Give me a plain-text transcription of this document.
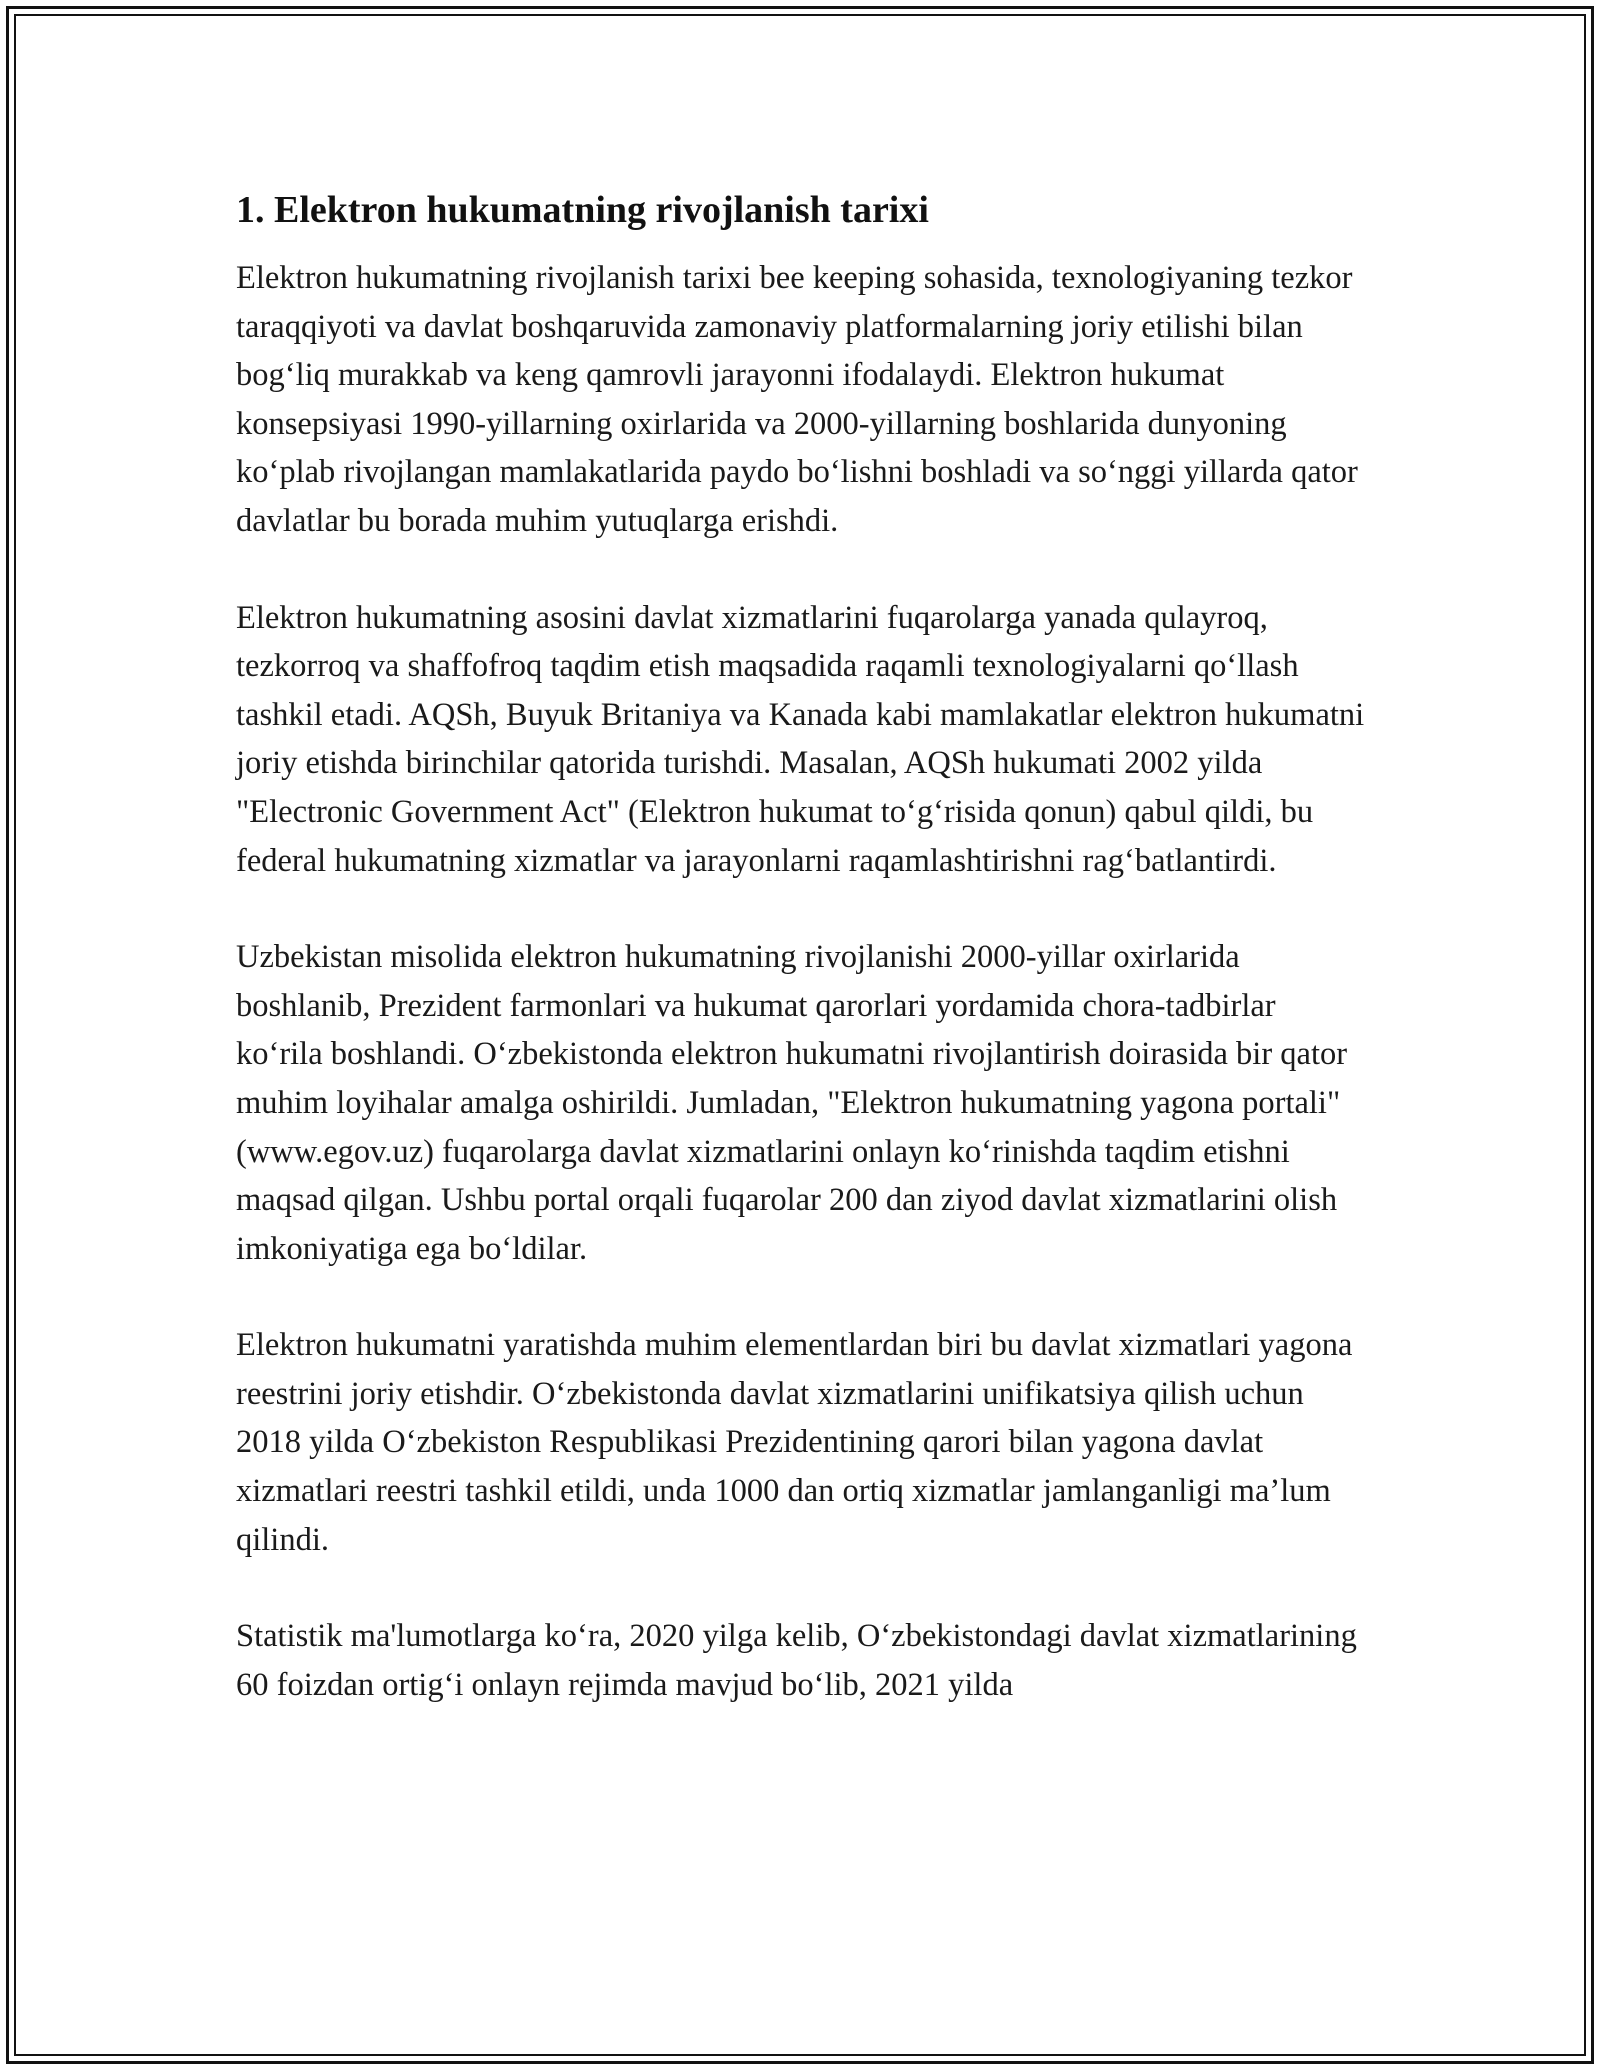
1. Elektron hukumatning rivojlanish tarixi

Elektron hukumatning rivojlanish tarixi bee keeping sohasida, texnologiyaning tezkor taraqqiyoti va davlat boshqaruvida zamonaviy platformalarning joriy etilishi bilan bog‘liq murakkab va keng qamrovli jarayonni ifodalaydi. Elektron hukumat konsepsiyasi 1990-yillarning oxirlarida va 2000-yillarning boshlarida dunyoning ko‘plab rivojlangan mamlakatlarida paydo bo‘lishni boshladi va so‘nggi yillarda qator davlatlar bu borada muhim yutuqlarga erishdi.

Elektron hukumatning asosini davlat xizmatlarini fuqarolarga yanada qulayroq, tezkorroq va shaffofroq taqdim etish maqsadida raqamli texnologiyalarni qo‘llash tashkil etadi. AQSh, Buyuk Britaniya va Kanada kabi mamlakatlar elektron hukumatni joriy etishda birinchilar qatorida turishdi. Masalan, AQSh hukumati 2002 yilda "Electronic Government Act" (Elektron hukumat to‘g‘risida qonun) qabul qildi, bu federal hukumatning xizmatlar va jarayonlarni raqamlashtirishni rag‘batlantirdi.

Uzbekistan misolida elektron hukumatning rivojlanishi 2000-yillar oxirlarida boshlanib, Prezident farmonlari va hukumat qarorlari yordamida chora-tadbirlar ko‘rila boshlandi. O‘zbekistonda elektron hukumatni rivojlantirish doirasida bir qator muhim loyihalar amalga oshirildi. Jumladan, "Elektron hukumatning yagona portali" (www.egov.uz) fuqarolarga davlat xizmatlarini onlayn ko‘rinishda taqdim etishni maqsad qilgan. Ushbu portal orqali fuqarolar 200 dan ziyod davlat xizmatlarini olish imkoniyatiga ega bo‘ldilar.

Elektron hukumatni yaratishda muhim elementlardan biri bu davlat xizmatlari yagona reestrini joriy etishdir. O‘zbekistonda davlat xizmatlarini unifikatsiya qilish uchun 2018 yilda O‘zbekiston Respublikasi Prezidentining qarori bilan yagona davlat xizmatlari reestri tashkil etildi, unda 1000 dan ortiq xizmatlar jamlanganligi ma’lum qilindi.

Statistik ma'lumotlarga ko‘ra, 2020 yilga kelib, O‘zbekistondagi davlat xizmatlarining 60 foizdan ortig‘i onlayn rejimda mavjud bo‘lib, 2021 yilda
